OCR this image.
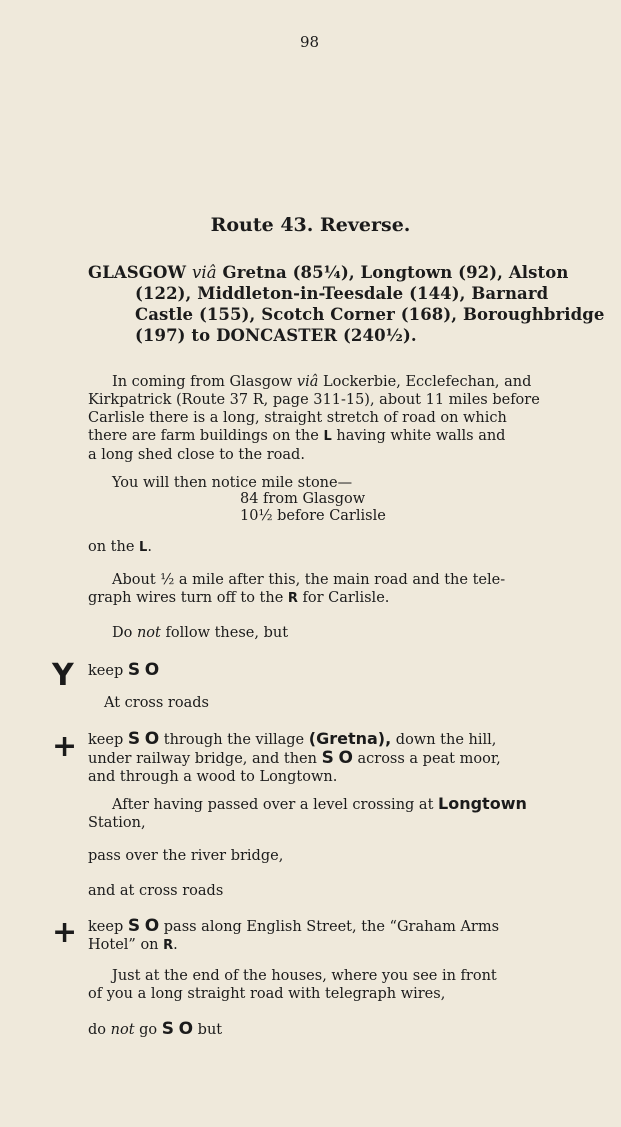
98
Route 43. Reverse.
GLASGOW viâ Gretna (85¼), Longtown (92), Alston
(122), Middleton-in-Teesdale (144), Barnard
Castle (155), Scotch Corner (168), Boroughbridge
(197) to DONCASTER (240½).
In coming from Glasgow viâ Lockerbie, Ecclefechan, and
Kirkpatrick (Route 37 R, page 311-15), about 11 miles before
Carlisle there is a long, straight stretch of road on which
there are farm buildings on the L having white walls and
a long shed close to the road.
You will then notice mile stone—
84 from Glasgow
10½ before Carlisle
on the L.
About ½ a mile after this, the main road and the tele-
graph wires turn off to the R for Carlisle.
Do not follow these, but
Y keep S O
At cross roads
+ keep S O through the village (Gretna), down the hill,
under railway bridge, and then S O across a peat moor,
and through a wood to Longtown.
After having passed over a level crossing at Longtown
Station,
pass over the river bridge,
and at cross roads
+ keep S O pass along English Street, the “Graham Arms
Hotel” on R.
Just at the end of the houses, where you see in front
of you a long straight road with telegraph wires,
do not go S O but
